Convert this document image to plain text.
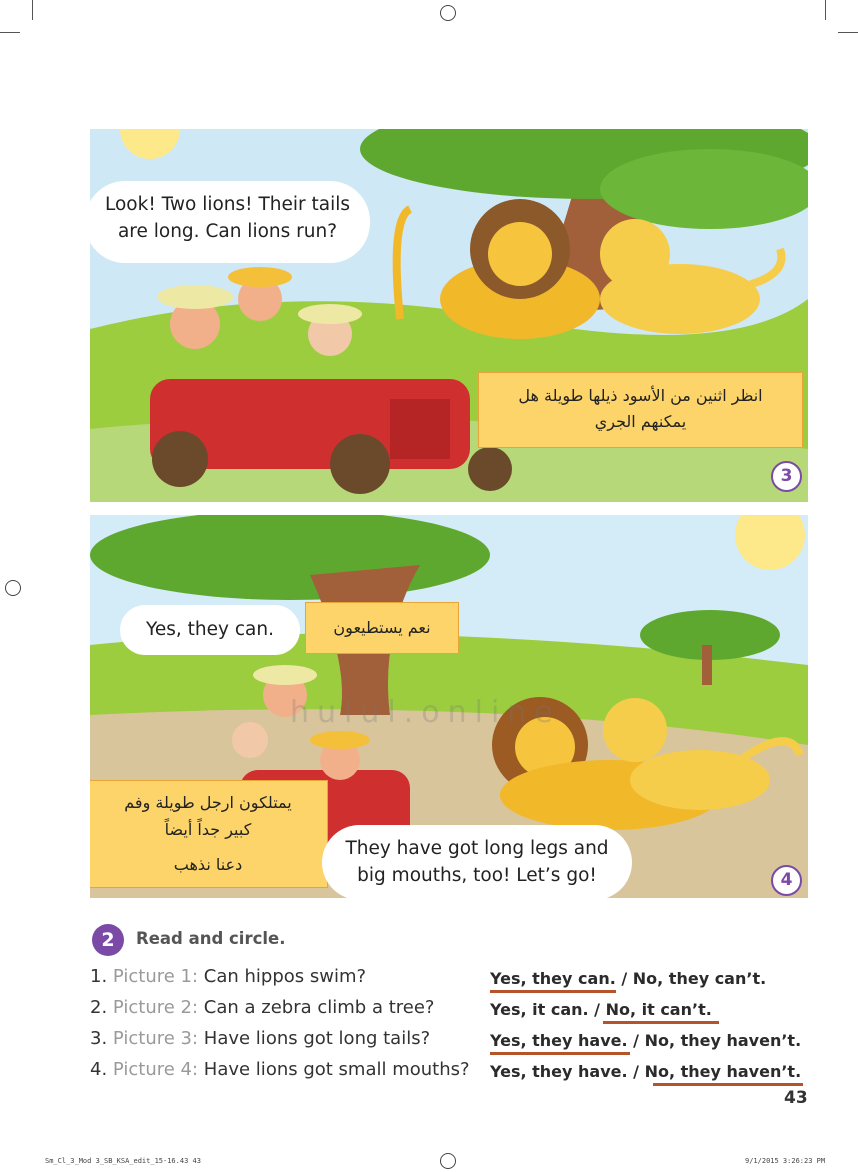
Look! Two lions! Their tails
are long. Can lions run?
انظر اثنين من الأسود ذيلها طويلة هل
يمكنهم الجري
3
Yes, they can.	نعم يستطيعون
يمتلكون ارجل طويلة وفم
كبير جداً أيضاً
دعنا نذهب
They have got long legs and
big mouths, too! Let’s go!	4
hulul.online
2	Read and circle.
1. Picture 1: Can hippos swim?	Yes, they can. / No, they can’t.
2. Picture 2: Can a zebra climb a tree?	Yes, it can. / No, it can’t.
3. Picture 3: Have lions got long tails?	Yes, they have. / No, they haven’t.
4. Picture 4: Have lions got small mouths? Yes, they have. / No, they haven’t.
43
Sm_Cl_3_Mod 3_SB_KSA_edit_15-16.43 43	9/1/2015 3:26:23 PM
